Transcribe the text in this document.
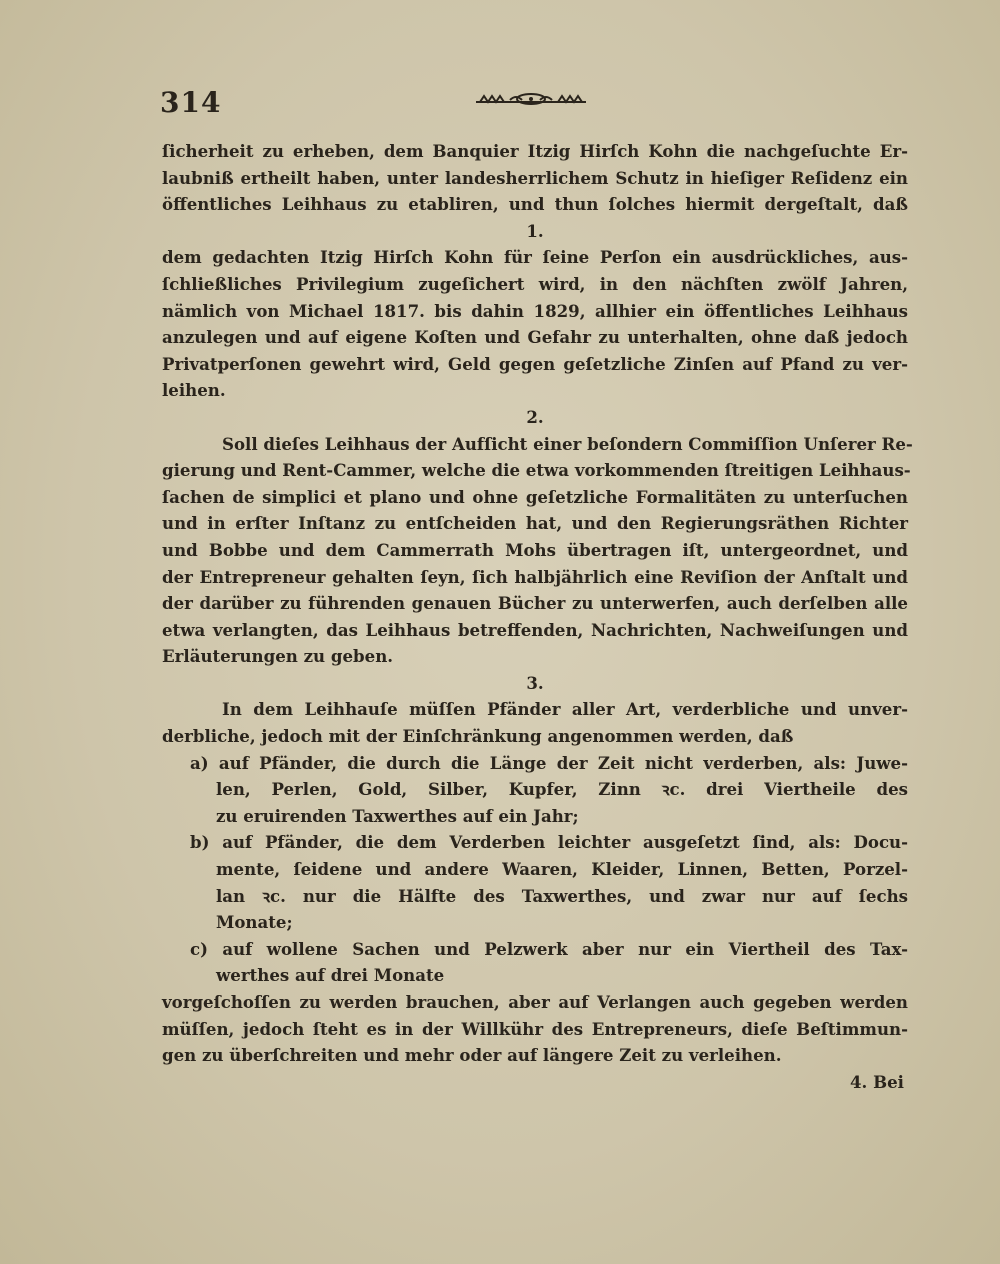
314
ſicherheit zu erheben, dem Banquier Itzig Hirſch Kohn die nachgeſuchte Er-
laubniß ertheilt haben, unter landesherrlichem Schutz in hieſiger Reſidenz ein
öffentliches Leihhaus zu etabliren, und thun ſolches hiermit dergeſtalt, daß
1.
dem gedachten Itzig Hirſch Kohn für ſeine Perſon ein ausdrückliches, aus-
ſchließliches Privilegium zugeſichert wird, in den nächſten zwölf Jahren,
nämlich von Michael 1817. bis dahin 1829, allhier ein öffentliches Leihhaus
anzulegen und auf eigene Koſten und Gefahr zu unterhalten, ohne daß jedoch
Privatperſonen gewehrt wird, Geld gegen geſetzliche Zinſen auf Pfand zu ver-
leihen.
2.
Soll dieſes Leihhaus der Aufſicht einer beſondern Commiſſion Unſerer Re-
gierung und Rent-Cammer, welche die etwa vorkommenden ſtreitigen Leihhaus-
ſachen de simplici et plano und ohne geſetzliche Formalitäten zu unterſuchen
und in erſter Inſtanz zu entſcheiden hat, und den Regierungsräthen Richter
und Bobbe und dem Cammerrath Mohs übertragen iſt, untergeordnet, und
der Entrepreneur gehalten ſeyn, ſich halbjährlich eine Reviſion der Anſtalt und
der darüber zu führenden genauen Bücher zu unterwerfen, auch derſelben alle
etwa verlangten, das Leihhaus betreffenden, Nachrichten, Nachweiſungen und
Erläuterungen zu geben.
3.
In dem Leihhauſe müſſen Pfänder aller Art, verderbliche und unver-
derbliche, jedoch mit der Einſchränkung angenommen werden, daß
a) auf Pfänder, die durch die Länge der Zeit nicht verderben, als: Juwe-
len, Perlen, Gold, Silber, Kupfer, Zinn ꝛc. drei Viertheile des
zu eruirenden Taxwerthes auf ein Jahr;
b) auf Pfänder, die dem Verderben leichter ausgeſetzt ſind, als: Docu-
mente, ſeidene und andere Waaren, Kleider, Linnen, Betten, Porzel-
lan ꝛc. nur die Hälfte des Taxwerthes, und zwar nur auf ſechs
Monate;
c) auf wollene Sachen und Pelzwerk aber nur ein Viertheil des Tax-
werthes auf drei Monate
vorgeſchoſſen zu werden brauchen, aber auf Verlangen auch gegeben werden
müſſen, jedoch ſteht es in der Willkühr des Entrepreneurs, dieſe Beſtimmun-
gen zu überſchreiten und mehr oder auf längere Zeit zu verleihen.
4. Bei
